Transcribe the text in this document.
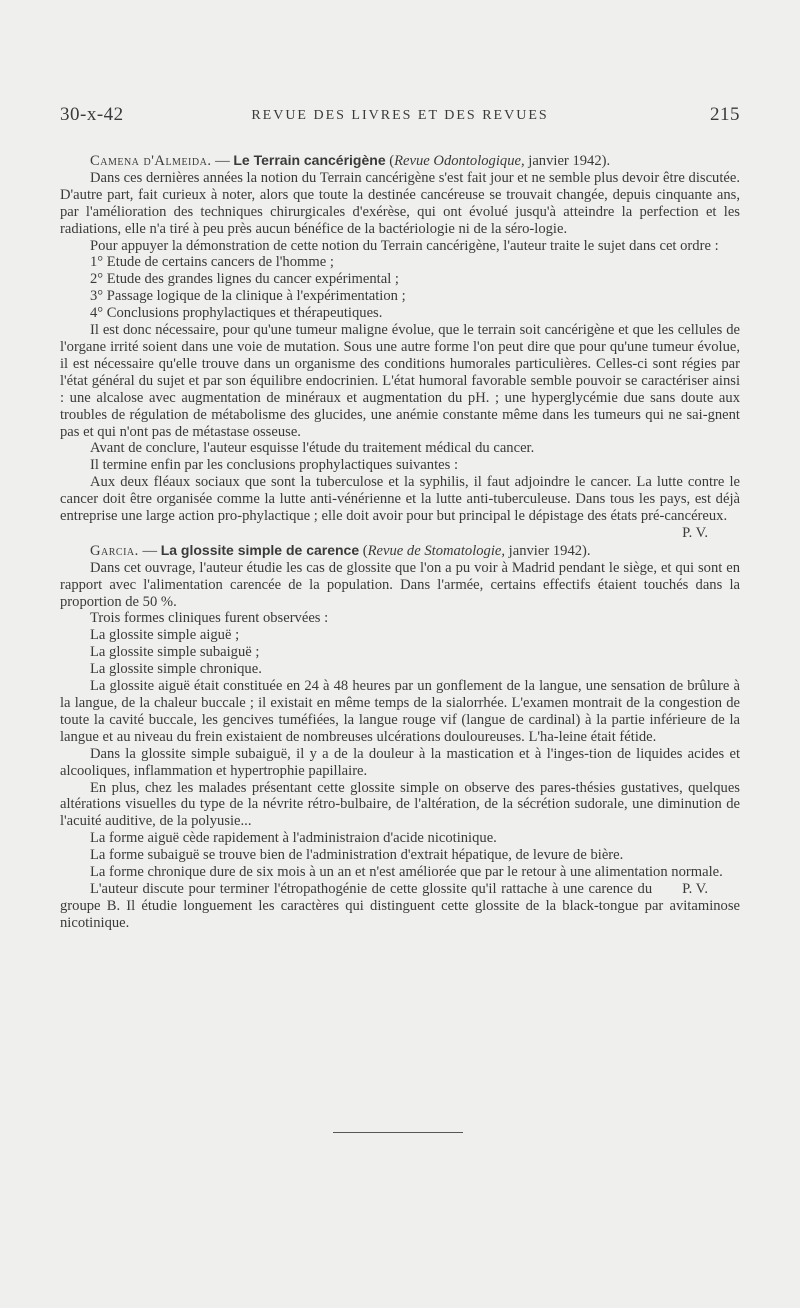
30-x-42	REVUE DES LIVRES ET DES REVUES	215

Camena d'Almeida. — Le Terrain cancérigène (Revue Odontologique, janvier 1942).

Dans ces dernières années la notion du Terrain cancérigène s'est fait jour et ne semble plus devoir être discutée. D'autre part, fait curieux à noter, alors que toute la destinée cancéreuse se trouvait changée, depuis cinquante ans, par l'amélioration des techniques chirurgicales d'exérèse, qui ont évolué jusqu'à atteindre la perfection et les radiations, elle n'a tiré à peu près aucun bénéfice de la bactériologie ni de la séro-logie.

Pour appuyer la démonstration de cette notion du Terrain cancérigène, l'auteur traite le sujet dans cet ordre :

1° Etude de certains cancers de l'homme ;

2° Etude des grandes lignes du cancer expérimental ;

3° Passage logique de la clinique à l'expérimentation ;

4° Conclusions prophylactiques et thérapeutiques.

Il est donc nécessaire, pour qu'une tumeur maligne évolue, que le terrain soit cancérigène et que les cellules de l'organe irrité soient dans une voie de mutation. Sous une autre forme l'on peut dire que pour qu'une tumeur évolue, il est nécessaire qu'elle trouve dans un organisme des conditions humorales particulières. Celles-ci sont régies par l'état général du sujet et par son équilibre endocrinien. L'état humoral favorable semble pouvoir se caractériser ainsi : une alcalose avec augmentation de minéraux et augmentation du pH. ; une hyperglycémie due sans doute aux troubles de régulation de métabolisme des glucides, une anémie constante même dans les tumeurs qui ne sai-gnent pas et qui n'ont pas de métastase osseuse.

Avant de conclure, l'auteur esquisse l'étude du traitement médical du cancer.

Il termine enfin par les conclusions prophylactiques suivantes :

Aux deux fléaux sociaux que sont la tuberculose et la syphilis, il faut adjoindre le cancer. La lutte contre le cancer doit être organisée comme la lutte anti-vénérienne et la lutte anti-tuberculeuse. Dans tous les pays, est déjà entreprise une large action pro-phylactique ; elle doit avoir pour but principal le dépistage des états pré-cancéreux.

P. V.

Garcia. — La glossite simple de carence (Revue de Stomatologie, janvier 1942).

Dans cet ouvrage, l'auteur étudie les cas de glossite que l'on a pu voir à Madrid pendant le siège, et qui sont en rapport avec l'alimentation carencée de la population. Dans l'armée, certains effectifs étaient touchés dans la proportion de 50 %.

Trois formes cliniques furent observées :

La glossite simple aiguë ;

La glossite simple subaiguë ;

La glossite simple chronique.

La glossite aiguë était constituée en 24 à 48 heures par un gonflement de la langue, une sensation de brûlure à la langue, de la chaleur buccale ; il existait en même temps de la sialorrhée. L'examen montrait de la congestion de toute la cavité buccale, les gencives tuméfiées, la langue rouge vif (langue de cardinal) à la partie inférieure de la langue et au niveau du frein existaient de nombreuses ulcérations douloureuses. L'ha-leine était fétide.

Dans la glossite simple subaiguë, il y a de la douleur à la mastication et à l'inges-tion de liquides acides et alcooliques, inflammation et hypertrophie papillaire.

En plus, chez les malades présentant cette glossite simple on observe des pares-thésies gustatives, quelques altérations visuelles du type de la névrite rétro-bulbaire, de l'altération, de la sécrétion sudorale, une diminution de l'acuité auditive, de la polyusie...

La forme aiguë cède rapidement à l'administraion d'acide nicotinique.

La forme subaiguë se trouve bien de l'administration d'extrait hépatique, de levure de bière.

La forme chronique dure de six mois à un an et n'est améliorée que par le retour à une alimentation normale.

P. V.
L'auteur discute pour terminer l'étropathogénie de cette glossite qu'il rattache à une carence du groupe B. Il étudie longuement les caractères qui distinguent cette glossite de la black-tongue par avitaminose nicotinique.
